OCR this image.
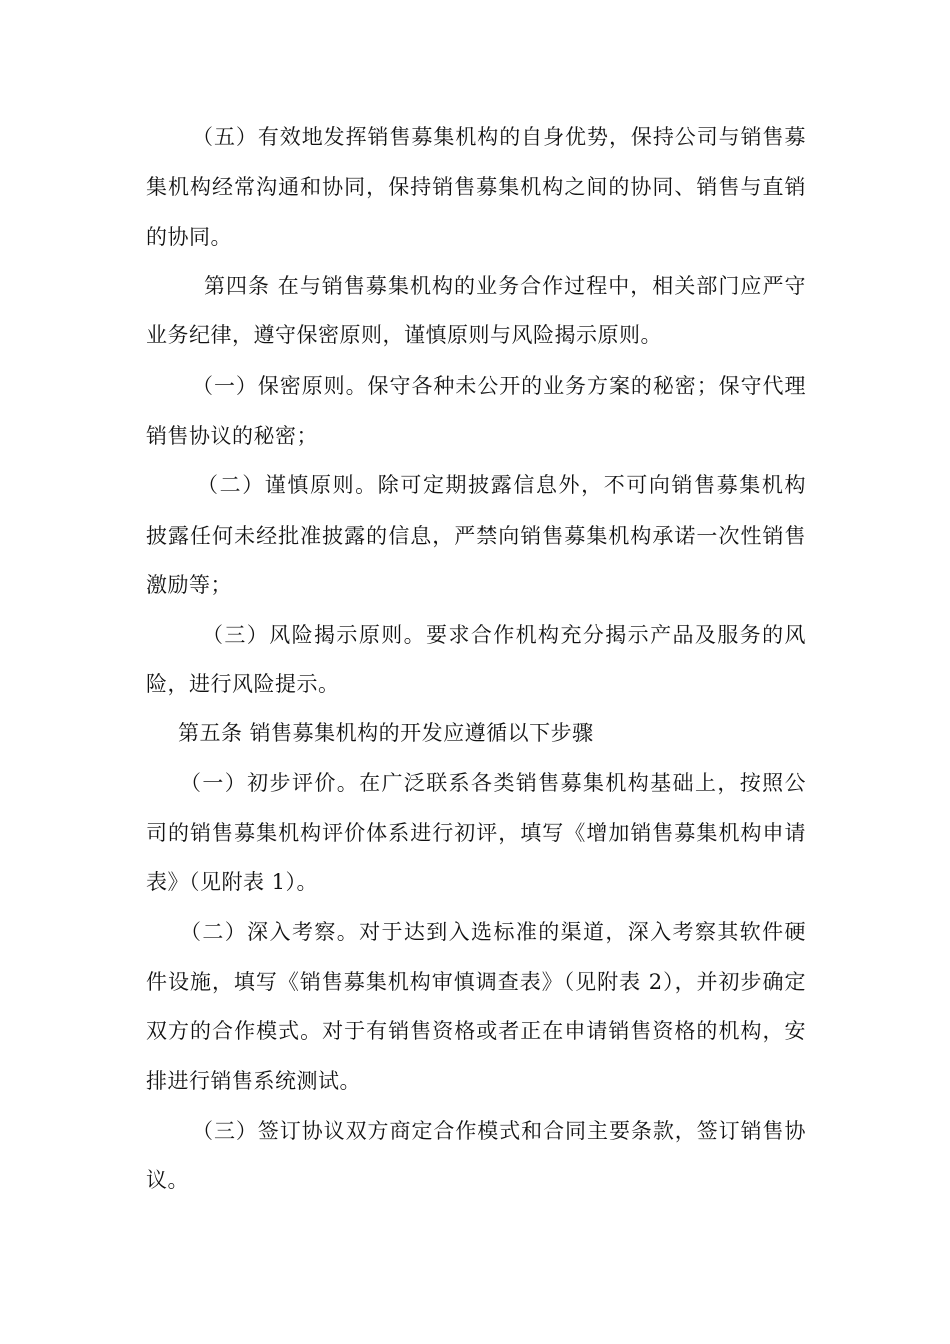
（五）有效地发挥销售募集机构的自身优势，保持公司与销售募
集机构经常沟通和协同，保持销售募集机构之间的协同、销售与直销
的协同。
第四条 在与销售募集机构的业务合作过程中，相关部门应严守
业务纪律，遵守保密原则，谨慎原则与风险揭示原则。
（一）保密原则。保守各种未公开的业务方案的秘密；保守代理
销售协议的秘密；
（二）谨慎原则。除可定期披露信息外，不可向销售募集机构
披露任何未经批准披露的信息，严禁向销售募集机构承诺一次性销售
激励等；
（三）风险揭示原则。要求合作机构充分揭示产品及服务的风
险，进行风险提示。
第五条 销售募集机构的开发应遵循以下步骤
（一）初步评价。在广泛联系各类销售募集机构基础上，按照公
司的销售募集机构评价体系进行初评，填写《增加销售募集机构申请
表》（见附表 1）。
（二）深入考察。对于达到入选标准的渠道，深入考察其软件硬
件设施，填写《销售募集机构审慎调查表》（见附表 2），并初步确定
双方的合作模式。对于有销售资格或者正在申请销售资格的机构，安
排进行销售系统测试。
（三）签订协议双方商定合作模式和合同主要条款，签订销售协
议。
